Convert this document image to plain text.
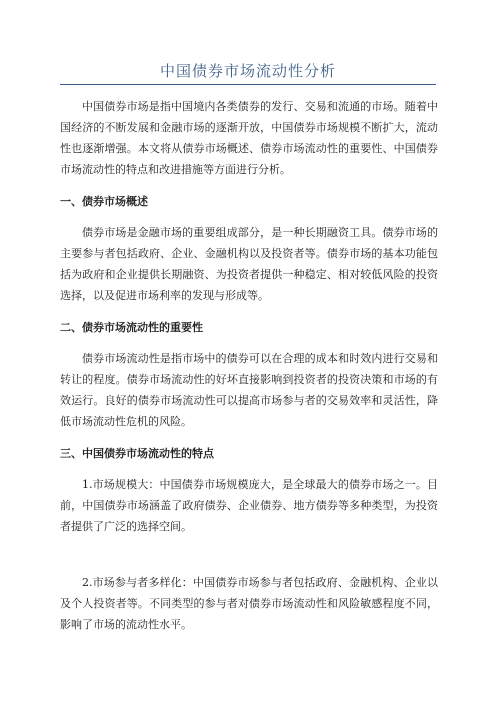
中国债券市场流动性分析

中国债券市场是指中国境内各类债券的发行、交易和流通的市场。随着中国经济的不断发展和金融市场的逐渐开放，中国债券市场规模不断扩大，流动性也逐渐增强。本文将从债券市场概述、债券市场流动性的重要性、中国债券市场流动性的特点和改进措施等方面进行分析。

一、债券市场概述

债券市场是金融市场的重要组成部分，是一种长期融资工具。债券市场的主要参与者包括政府、企业、金融机构以及投资者等。债券市场的基本功能包括为政府和企业提供长期融资、为投资者提供一种稳定、相对较低风险的投资选择，以及促进市场利率的发现与形成等。

二、债券市场流动性的重要性

债券市场流动性是指市场中的债券可以在合理的成本和时效内进行交易和转让的程度。债券市场流动性的好坏直接影响到投资者的投资决策和市场的有效运行。良好的债券市场流动性可以提高市场参与者的交易效率和灵活性，降低市场流动性危机的风险。

三、中国债券市场流动性的特点

1.市场规模大：中国债券市场规模庞大，是全球最大的债券市场之一。目前，中国债券市场涵盖了政府债券、企业债券、地方债券等多种类型，为投资者提供了广泛的选择空间。

2.市场参与者多样化：中国债券市场参与者包括政府、金融机构、企业以及个人投资者等。不同类型的参与者对债券市场流动性和风险敏感程度不同，影响了市场的流动性水平。
